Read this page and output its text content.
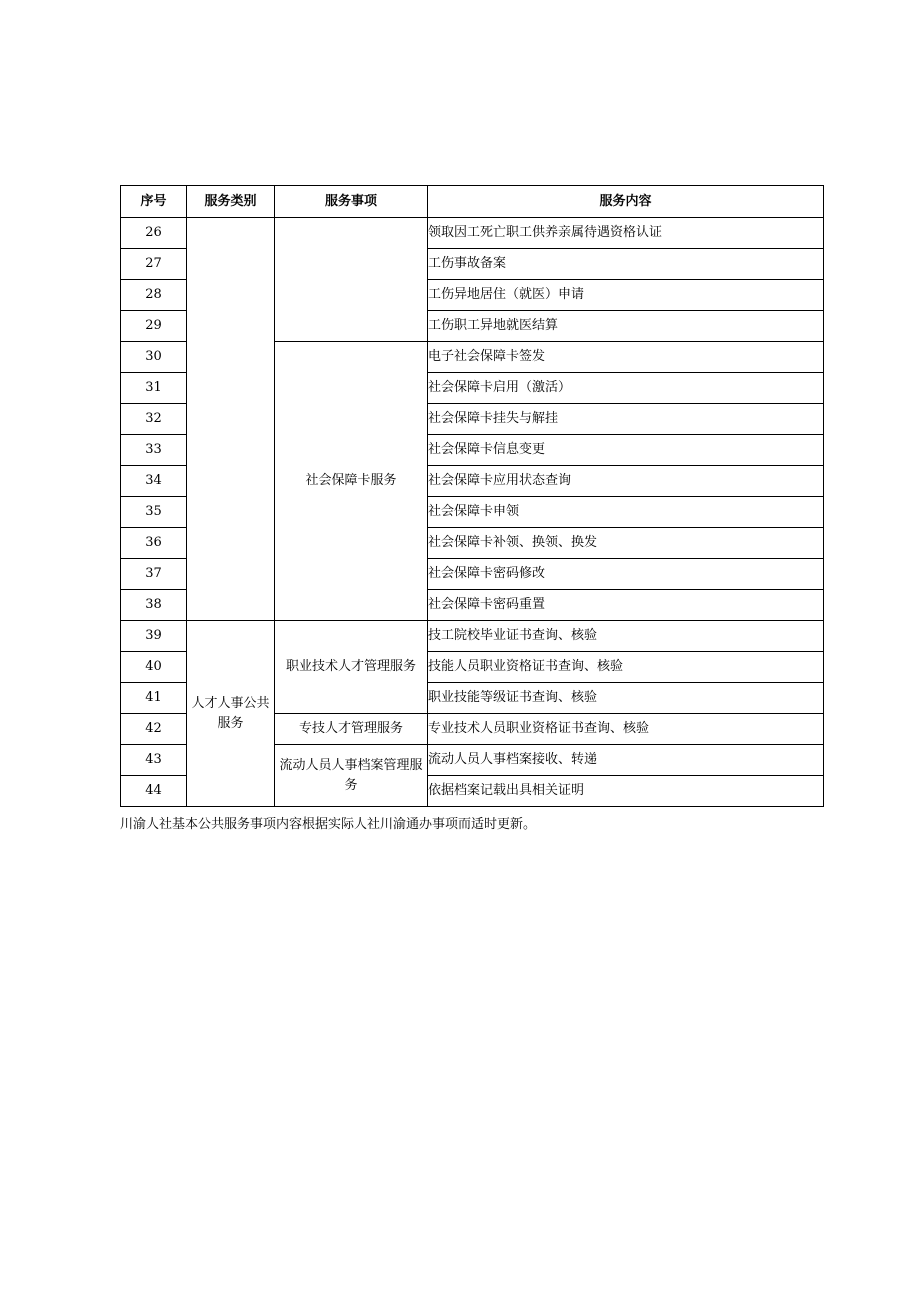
序号	服务类别	服务事项	服务内容
26			领取因工死亡职工供养亲属待遇资格认证
27			工伤事故备案
28			工伤异地居住（就医）申请
29			工伤职工异地就医结算
30		社会保障卡服务	电子社会保障卡签发
31			社会保障卡启用（激活）
32			社会保障卡挂失与解挂
33			社会保障卡信息变更
34			社会保障卡应用状态查询
35			社会保障卡申领
36			社会保障卡补领、换领、换发
37			社会保障卡密码修改
38			社会保障卡密码重置
39	人才人事公共服务	职业技术人才管理服务	技工院校毕业证书查询、核验
40			技能人员职业资格证书查询、核验
41			职业技能等级证书查询、核验
42		专技人才管理服务	专业技术人员职业资格证书查询、核验
43		流动人员人事档案管理服务	流动人员人事档案接收、转递
44			依据档案记载出具相关证明
川渝人社基本公共服务事项内容根据实际人社川渝通办事项而适时更新。
